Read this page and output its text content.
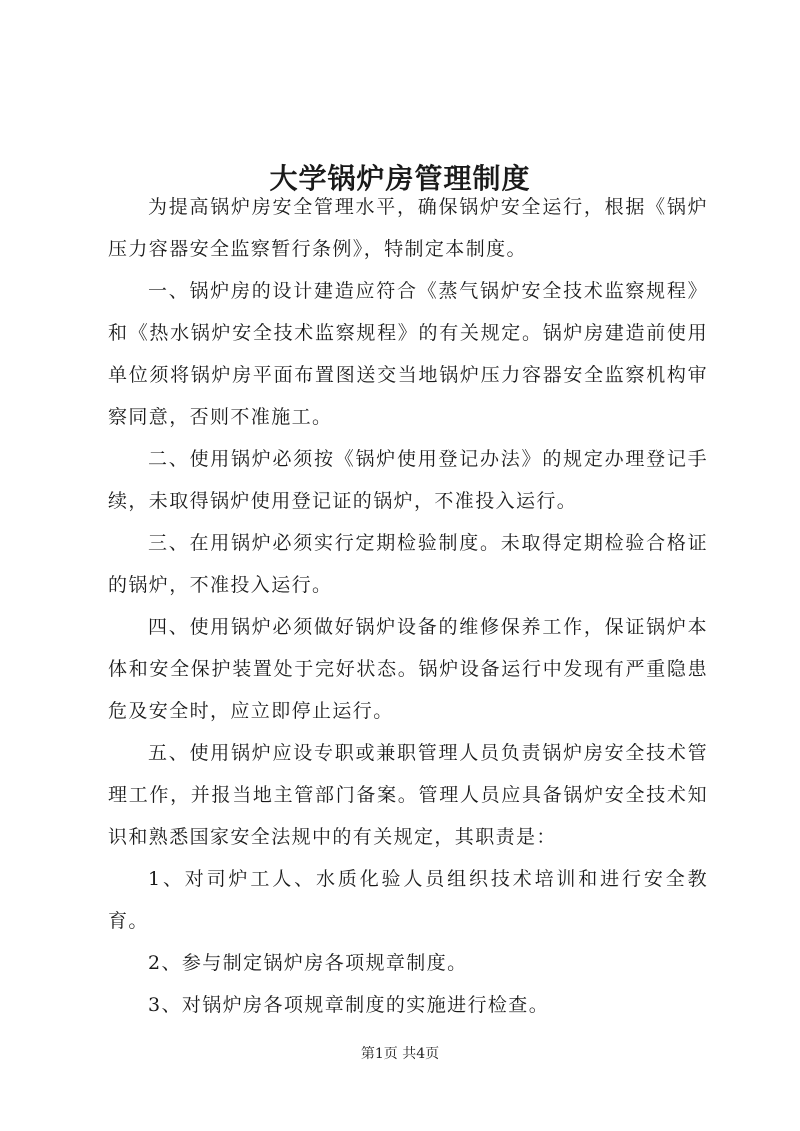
大学锅炉房管理制度

为提高锅炉房安全管理水平，确保锅炉安全运行，根据《锅炉压力容器安全监察暂行条例》，特制定本制度。

一、锅炉房的设计建造应符合《蒸气锅炉安全技术监察规程》和《热水锅炉安全技术监察规程》的有关规定。锅炉房建造前使用单位须将锅炉房平面布置图送交当地锅炉压力容器安全监察机构审察同意，否则不准施工。

二、使用锅炉必须按《锅炉使用登记办法》的规定办理登记手续，未取得锅炉使用登记证的锅炉，不准投入运行。

三、在用锅炉必须实行定期检验制度。未取得定期检验合格证的锅炉，不准投入运行。

四、使用锅炉必须做好锅炉设备的维修保养工作，保证锅炉本体和安全保护装置处于完好状态。锅炉设备运行中发现有严重隐患危及安全时，应立即停止运行。

五、使用锅炉应设专职或兼职管理人员负责锅炉房安全技术管理工作，并报当地主管部门备案。管理人员应具备锅炉安全技术知识和熟悉国家安全法规中的有关规定，其职责是：

1、对司炉工人、水质化验人员组织技术培训和进行安全教育。

2、参与制定锅炉房各项规章制度。

3、对锅炉房各项规章制度的实施进行检查。

第1页 共4页
